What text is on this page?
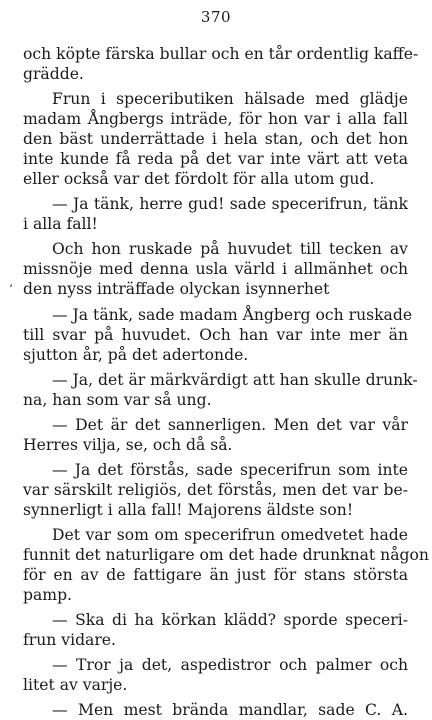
370
‘
och köpte färska bullar och en tår ordentlig kaffe-
grädde.
Frun i speceributiken hälsade med glädje
madam Ångbergs inträde, för hon var i alla fall
den bäst underrättade i hela stan, och det hon
inte kunde få reda på det var inte värt att veta
eller också var det fördolt för alla utom gud.
— Ja tänk, herre gud! sade specerifrun, tänk
i alla fall!
Och hon ruskade på huvudet till tecken av
missnöje med denna usla värld i allmänhet och
den nyss inträffade olyckan isynnerhet
— Ja tänk, sade madam Ångberg och ruskade
till svar på huvudet. Och han var inte mer än
sjutton år, på det adertonde.
— Ja, det är märkvärdigt att han skulle drunk-
na, han som var så ung.
— Det är det sannerligen. Men det var vår
Herres vilja, se, och då så.
— Ja det förstås, sade specerifrun som inte
var särskilt religiös, det förstås, men det var be-
synnerligt i alla fall! Majorens äldste son!
Det var som om specerifrun omedvetet hade
funnit det naturligare om det hade drunknat någon
för en av de fattigare än just för stans största
pamp.
— Ska di ha körkan klädd? sporde speceri-
frun vidare.
— Tror ja det, aspedistror och palmer och
litet av varje.
— Men mest brända mandlar, sade C. A.
